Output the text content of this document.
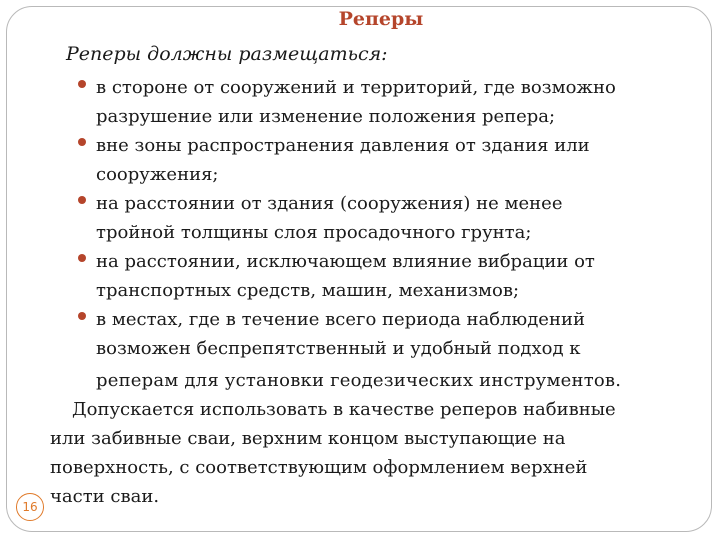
Реперы
Реперы должны размещаться:
в стороне от сооружений и территорий, где возможно
разрушение или изменение положения репера;
вне зоны распространения давления от здания или
сооружения;
на расстоянии от здания (сооружения) не менее
тройной толщины слоя просадочного грунта;
на расстоянии, исключающем влияние вибрации от
транспортных средств, машин, механизмов;
в местах, где в течение всего периода наблюдений
возможен беспрепятственный и удобный подход к
реперам для установки геодезических инструментов.
Допускается использовать в качестве реперов набивные
или забивные сваи, верхним концом выступающие на
поверхность, с соответствующим оформлением верхней
части сваи.
16
